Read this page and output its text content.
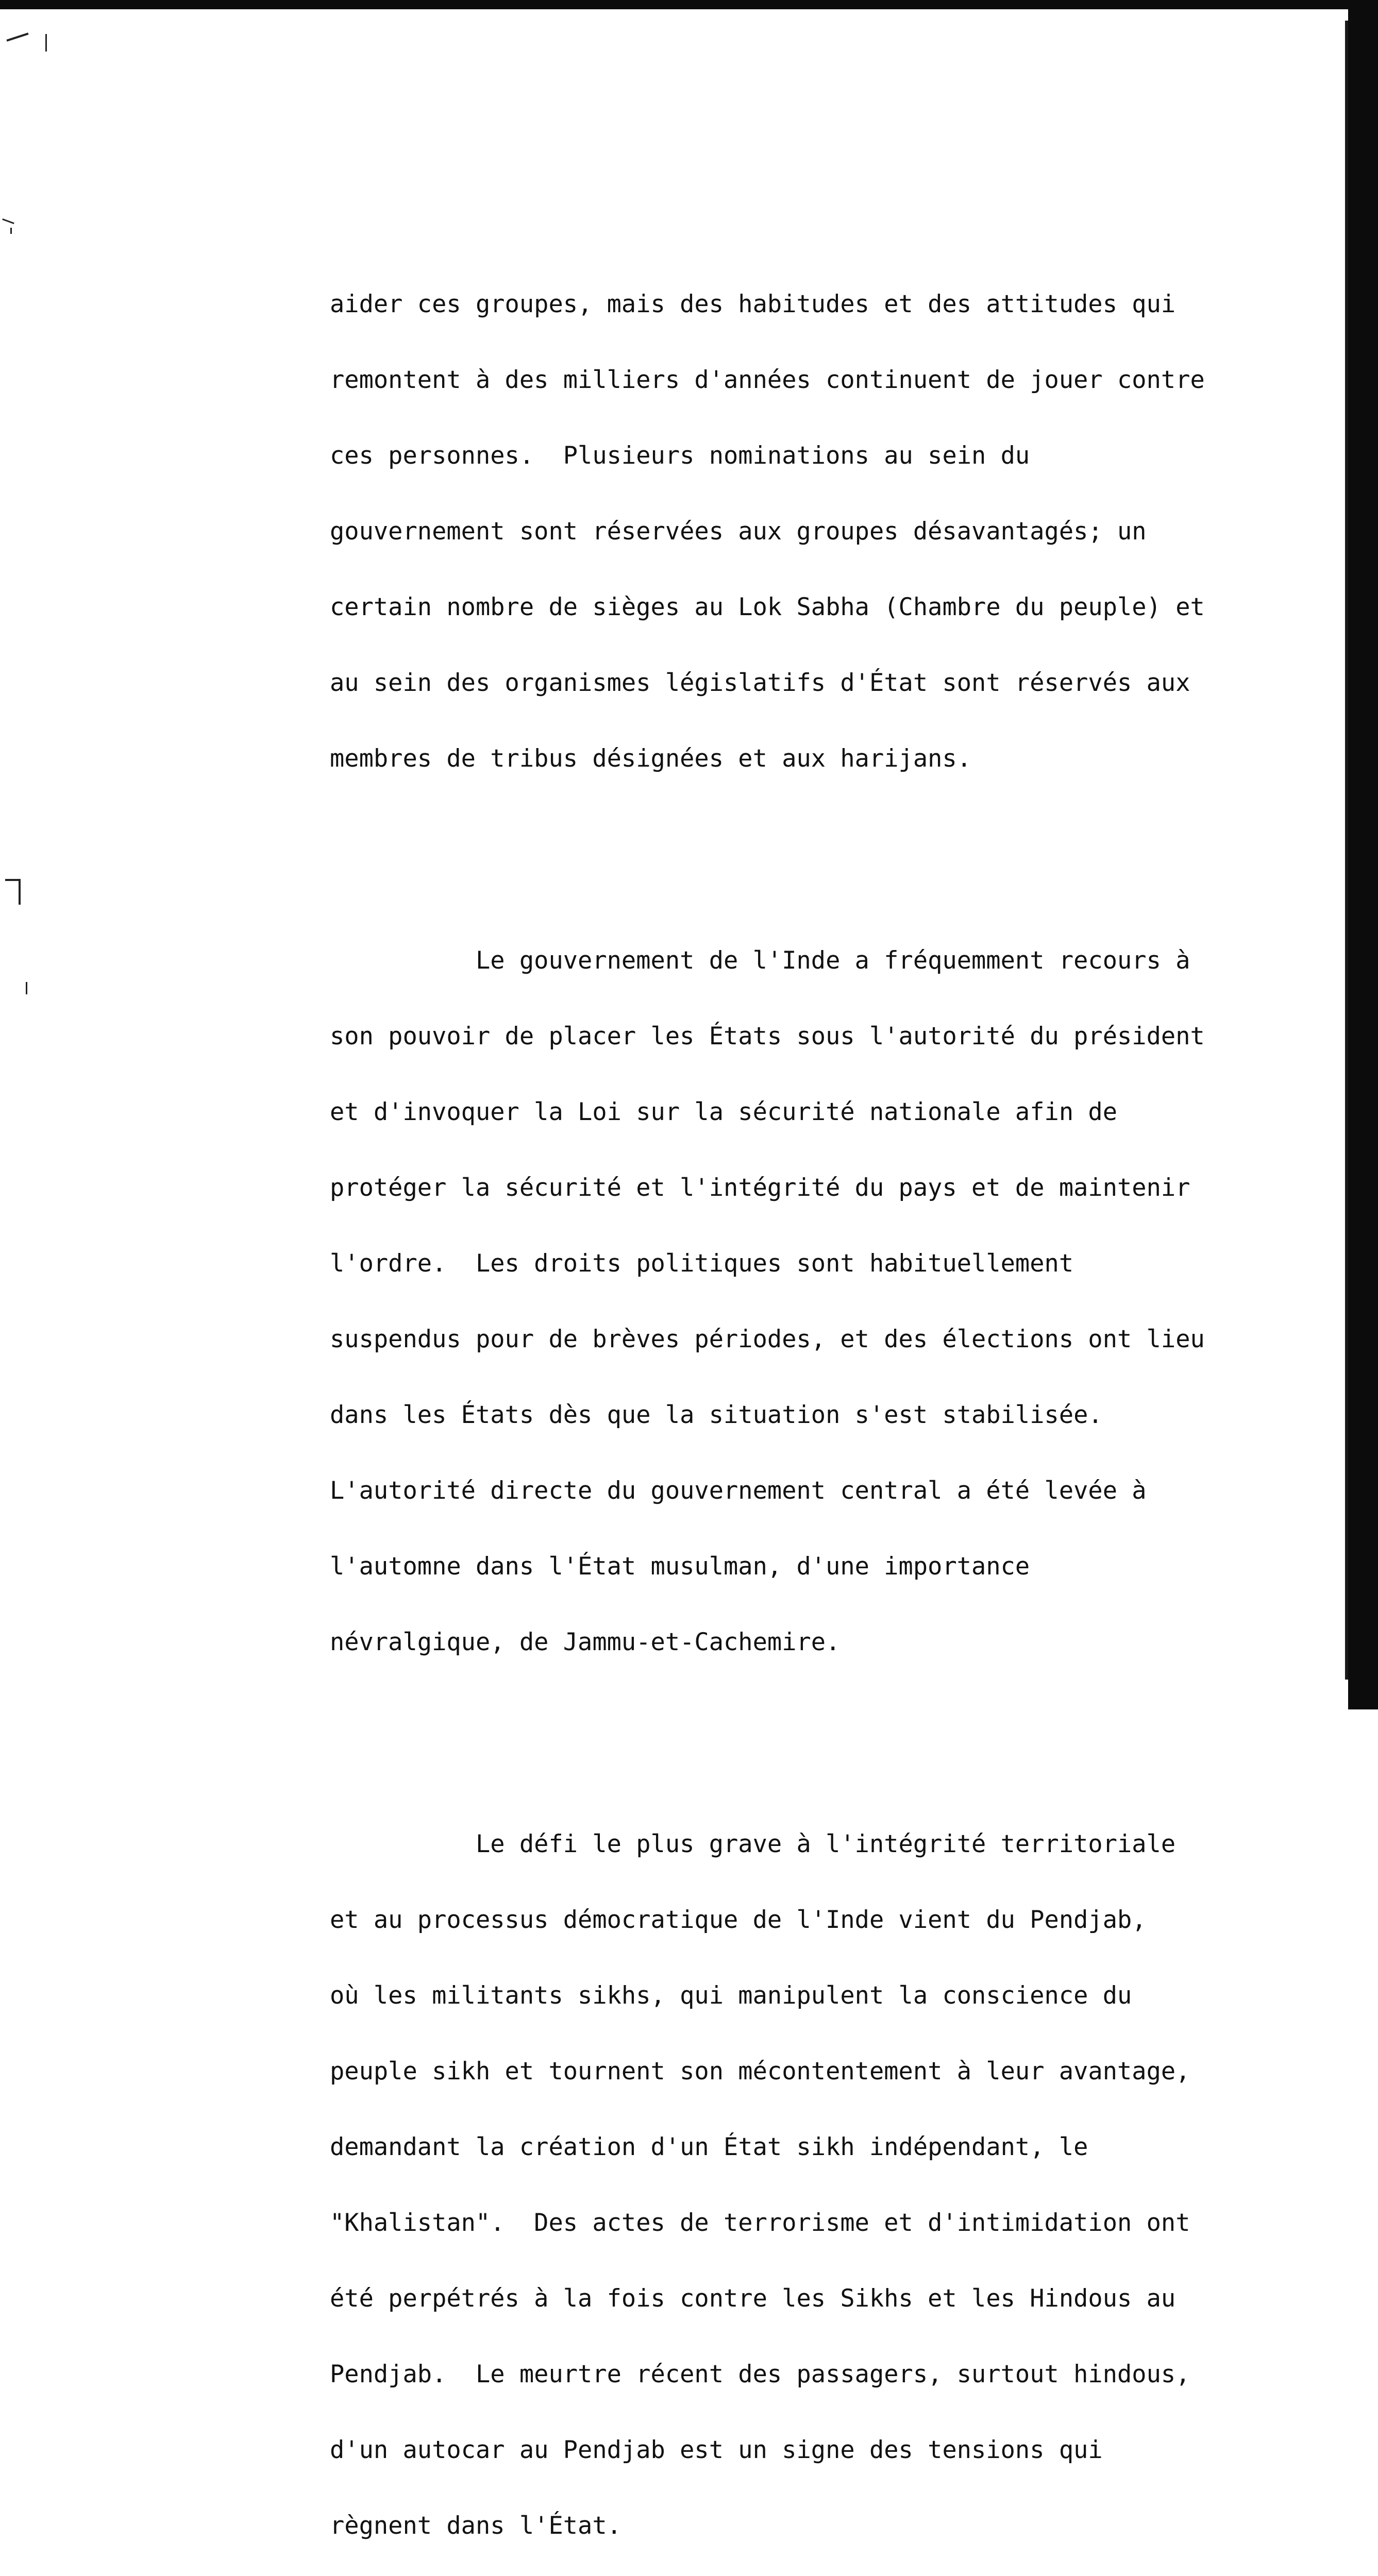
aider ces groupes, mais des habitudes et des attitudes qui

remontent à des milliers d'années continuent de jouer contre

ces personnes.  Plusieurs nominations au sein du

gouvernement sont réservées aux groupes désavantagés; un

certain nombre de sièges au Lok Sabha (Chambre du peuple) et

au sein des organismes législatifs d'État sont réservés aux

membres de tribus désignées et aux harijans.

Le gouvernement de l'Inde a fréquemment recours à

son pouvoir de placer les États sous l'autorité du président

et d'invoquer la Loi sur la sécurité nationale afin de

protéger la sécurité et l'intégrité du pays et de maintenir

l'ordre.  Les droits politiques sont habituellement

suspendus pour de brèves périodes, et des élections ont lieu

dans les États dès que la situation s'est stabilisée.

L'autorité directe du gouvernement central a été levée à

l'automne dans l'État musulman, d'une importance

névralgique, de Jammu-et-Cachemire.

Le défi le plus grave à l'intégrité territoriale

et au processus démocratique de l'Inde vient du Pendjab,

où les militants sikhs, qui manipulent la conscience du

peuple sikh et tournent son mécontentement à leur avantage,

demandant la création d'un État sikh indépendant, le

"Khalistan".  Des actes de terrorisme et d'intimidation ont

été perpétrés à la fois contre les Sikhs et les Hindous au

Pendjab.  Le meurtre récent des passagers, surtout hindous,

d'un autocar au Pendjab est un signe des tensions qui

règnent dans l'État.
